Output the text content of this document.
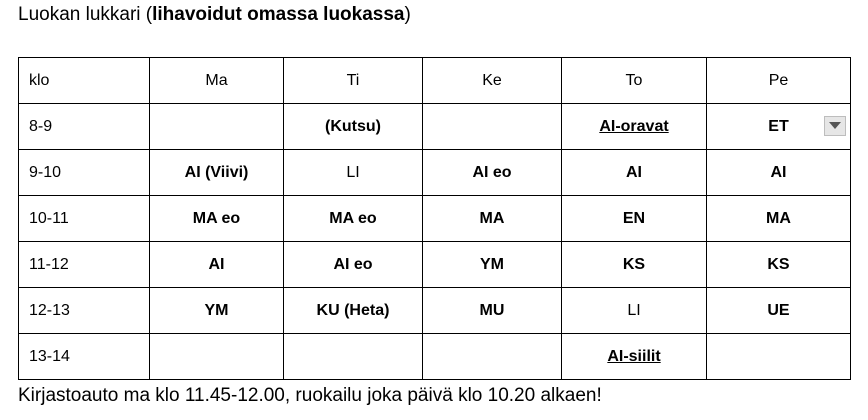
Luokan lukkari (lihavoidut omassa luokassa)
klo	Ma	Ti	Ke	To	Pe
8-9		(Kutsu)		AI-oravat	ET

9-10	AI (Viivi)	LI	AI eo	AI	AI
10-11	MA eo	MA eo	MA	EN	MA
11-12	AI	AI eo	YM	KS	KS
12-13	YM	KU (Heta)	MU	LI	UE
13-14				AI-siilit	
Kirjastoauto ma klo 11.45-12.00, ruokailu joka päivä klo 10.20 alkaen!
